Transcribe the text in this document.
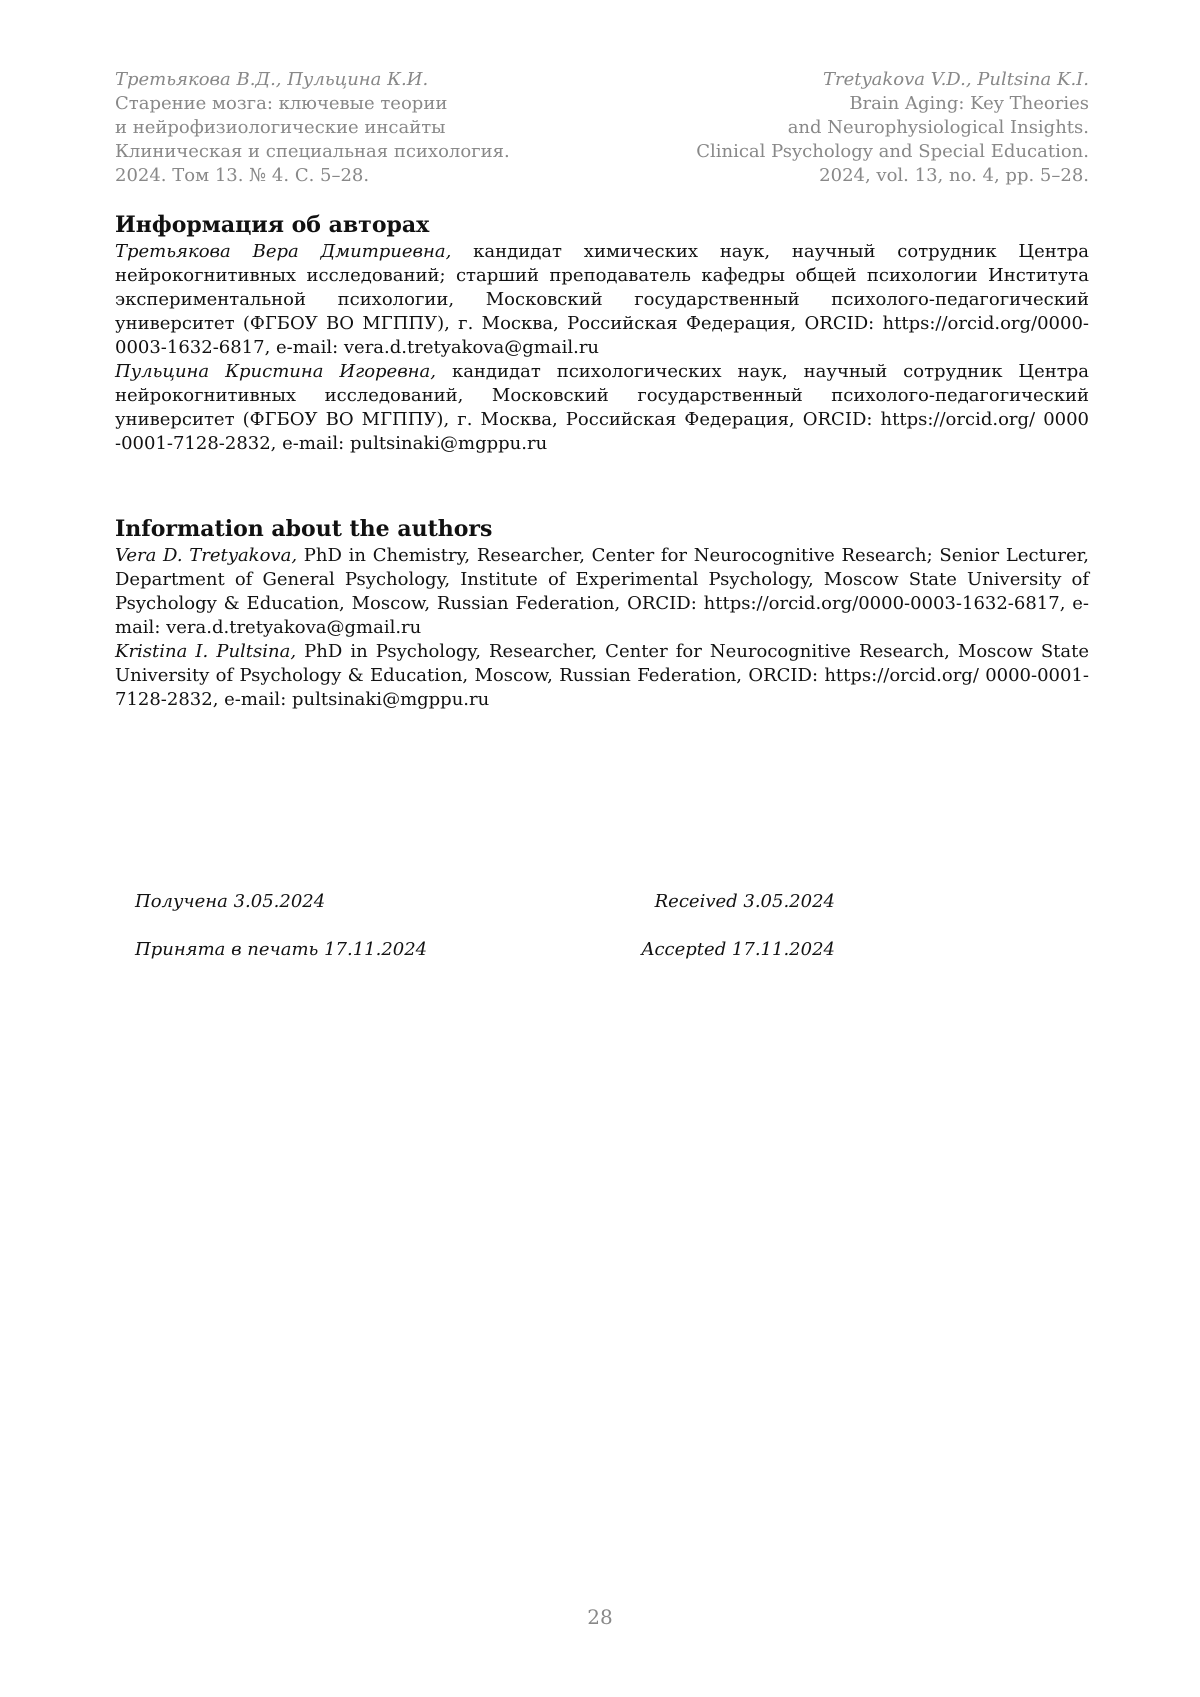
Третьякова В.Д., Пульцина К.И.
Старение мозга: ключевые теории
и нейрофизиологические инсайты
Клиническая и специальная психология.
2024. Том 13. № 4. С. 5–28.
Tretyakova V.D., Pultsina K.I.
Brain Aging: Key Theories
and Neurophysiological Insights.
Clinical Psychology and Special Education.
2024, vol. 13, no. 4, pp. 5–28.
Информация об авторах

Третьякова Вера Дмитриевна, кандидат химических наук, научный сотрудник Центра нейрокогнитивных исследований; старший преподаватель кафедры общей психологии Института экспериментальной психологии, Московский государственный психолого-педагогический университет (ФГБОУ ВО МГППУ), г. Москва, Российская Федерация, ORCID: https://orcid.org/0000-0003-1632-6817, e-mail: vera.d.tretyakova@gmail.ru

Пульцина Кристина Игоревна, кандидат психологических наук, научный сотрудник Центра нейрокогнитивных исследований, Московский государственный психолого-педагогический университет (ФГБОУ ВО МГППУ), г. Москва, Российская Федерация, ORCID: https://orcid.org/ 0000 -0001-7128-2832, e-mail: pultsinaki@mgppu.ru

Information about the authors

Vera D. Tretyakova, PhD in Chemistry, Researcher, Center for Neurocognitive Research; Senior Lecturer, Department of General Psychology, Institute of Experimental Psychology, Moscow State University of Psychology & Education, Moscow, Russian Federation, ORCID: https://orcid.org/0000-0003-1632-6817, e-mail: vera.d.tretyakova@gmail.ru

Kristina I. Pultsina, PhD in Psychology, Researcher, Center for Neurocognitive Research, Moscow State University of Psychology & Education, Moscow, Russian Federation, ORCID: https://orcid.org/ 0000-0001-7128-2832, e-mail: pultsinaki@mgppu.ru

Получена 3.05.2024	Received 3.05.2024
Принята в печать 17.11.2024	Accepted 17.11.2024
28
